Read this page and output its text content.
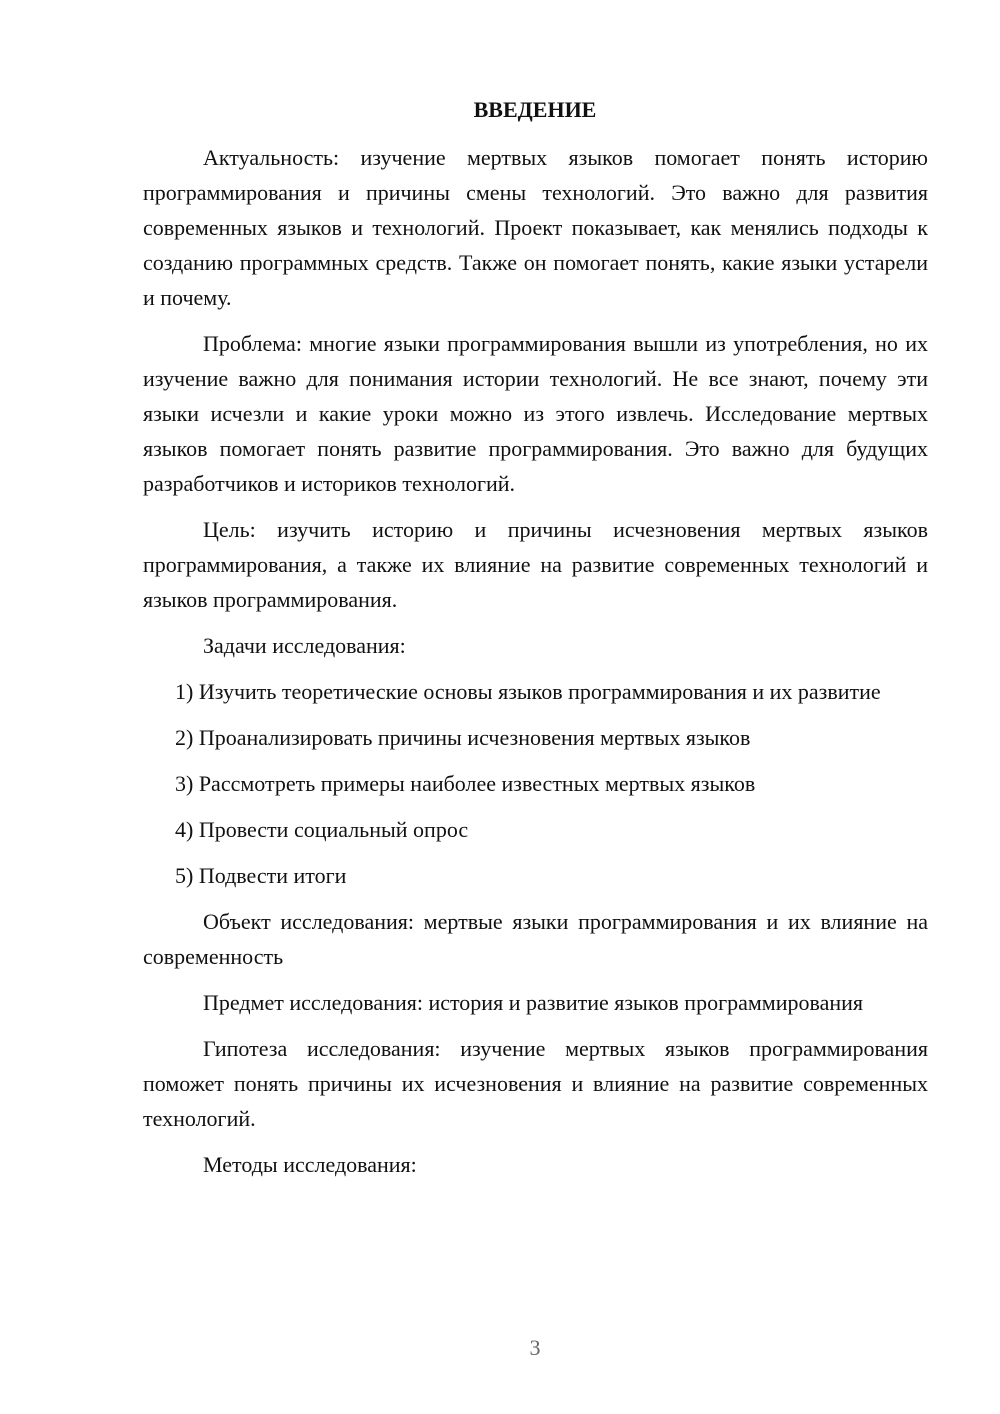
ВВЕДЕНИЕ

Актуальность: изучение мертвых языков помогает понять историю программирования и причины смены технологий. Это важно для развития современных языков и технологий. Проект показывает, как менялись подходы к созданию программных средств. Также он помогает понять, какие языки устарели и почему.

Проблема: многие языки программирования вышли из употребления, но их изучение важно для понимания истории технологий. Не все знают, почему эти языки исчезли и какие уроки можно из этого извлечь. Исследование мертвых языков помогает понять развитие программирования. Это важно для будущих разработчиков и историков технологий.

Цель: изучить историю и причины исчезновения мертвых языков программирования, а также их влияние на развитие современных технологий и языков программирования.

Задачи исследования:

1) Изучить теоретические основы языков программирования и их развитие

2) Проанализировать причины исчезновения мертвых языков

3) Рассмотреть примеры наиболее известных мертвых языков

4) Провести социальный опрос

5) Подвести итоги

Объект исследования: мертвые языки программирования и их влияние на современность

Предмет исследования: история и развитие языков программирования

Гипотеза исследования: изучение мертвых языков программирования поможет понять причины их исчезновения и влияние на развитие современных технологий.

Методы исследования:

3
